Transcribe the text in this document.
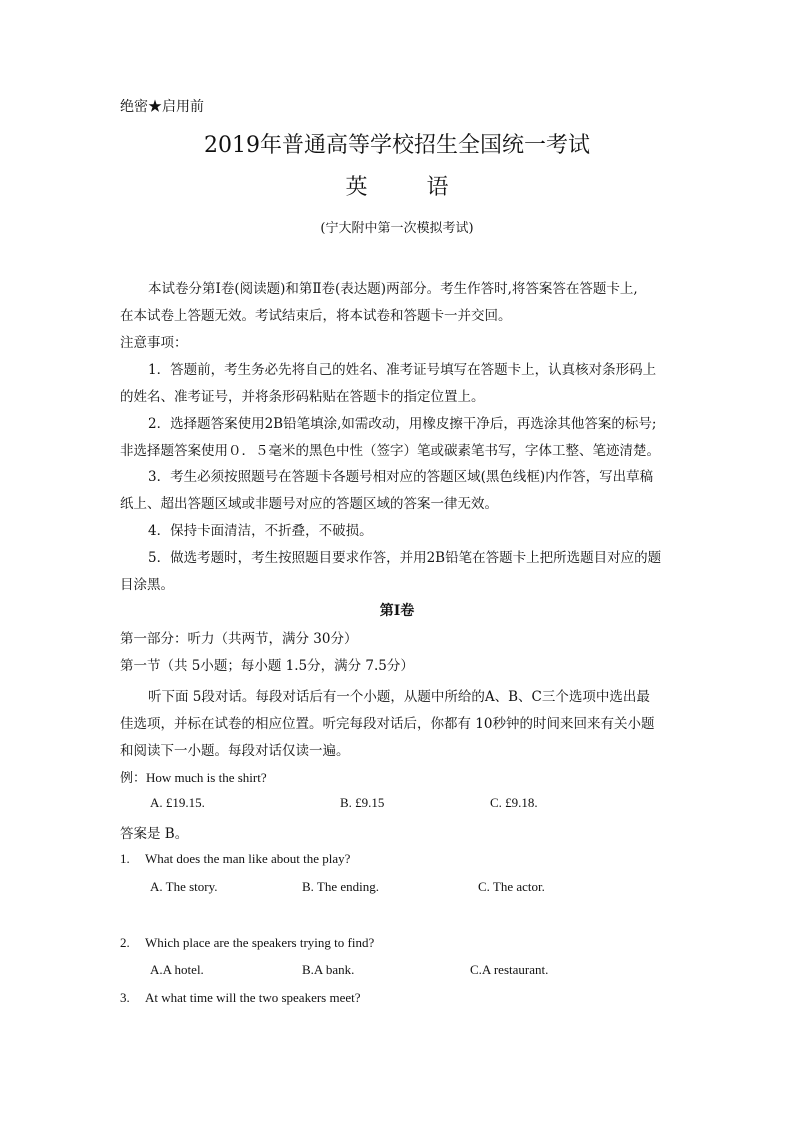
绝密★启用前
2019年普通高等学校招生全国统一考试
英 语
(宁大附中第一次模拟考试)
本试卷分第Ⅰ卷(阅读题)和第Ⅱ卷(表达题)两部分。考生作答时,将答案答在答题卡上,
在本试卷上答题无效。考试结束后，将本试卷和答题卡一并交回。
注意事项：
1．答题前，考生务必先将自己的姓名、准考证号填写在答题卡上，认真核对条形码上
的姓名、准考证号，并将条形码粘贴在答题卡的指定位置上。
2．选择题答案使用2B铅笔填涂,如需改动，用橡皮擦干净后，再选涂其他答案的标号;
非选择题答案使用０．５毫米的黑色中性（签字）笔或碳素笔书写，字体工整、笔迹清楚。
3．考生必须按照题号在答题卡各题号相对应的答题区域(黑色线框)内作答，写出草稿
纸上、超出答题区域或非题号对应的答题区域的答案一律无效。
4．保持卡面清洁，不折叠，不破损。
5．做选考题时，考生按照题目要求作答，并用2B铅笔在答题卡上把所选题目对应的题
目涂黑。
第Ⅰ卷
第一部分：听力（共两节，满分 30分）
第一节（共 5小题；每小题 1.5分，满分 7.5分）
听下面 5段对话。每段对话后有一个小题，从题中所给的A、B、C三个选项中选出最
佳选项，并标在试卷的相应位置。听完每段对话后，你都有 10秒钟的时间来回来有关小题
和阅读下一小题。每段对话仅读一遍。
例：How much is the shirt?
A. £19.15.	B. £9.15	C. £9.18.
答案是 B。
1. What does the man like about the play?
A. The story.	B. The ending.	C. The actor.
2. Which place are the speakers trying to find?
A.A hotel.	B.A bank.	C.A restaurant.
3. At what time will the two speakers meet?
